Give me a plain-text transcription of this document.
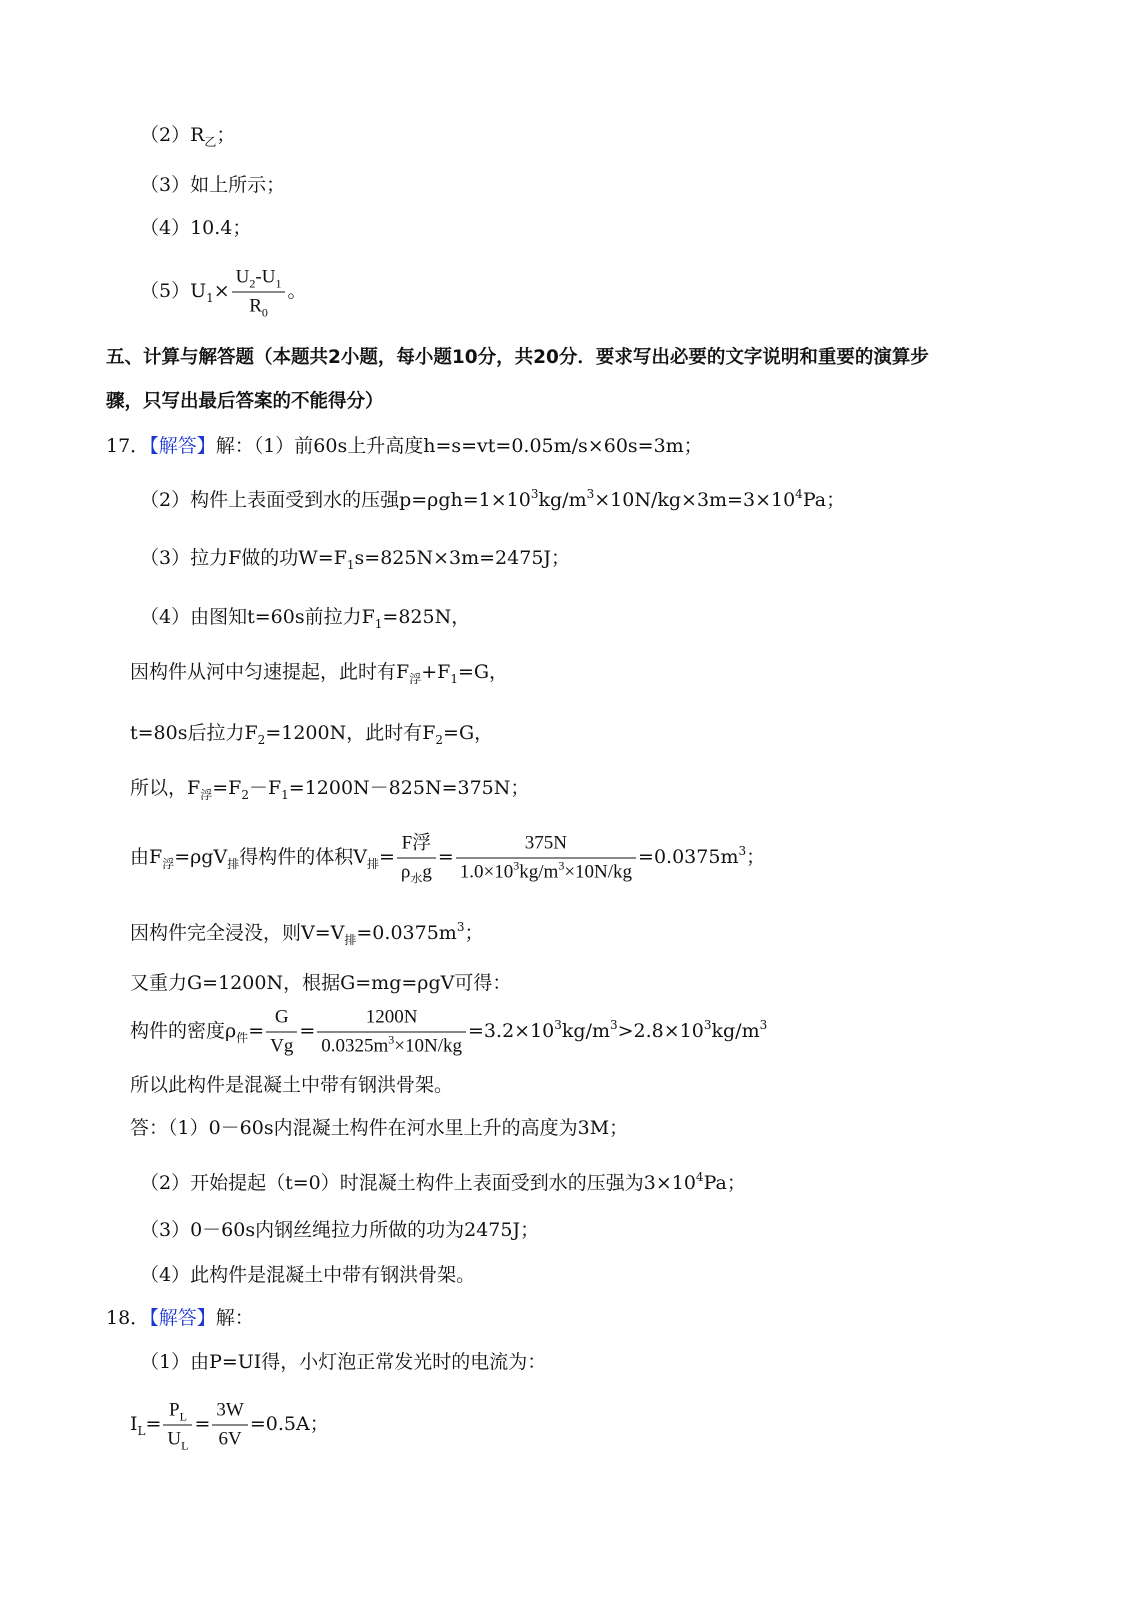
$(2)R_乙$；
（3）如上所示；
（4）10.4；
$(5)U_1\times \frac{U_2-U_1}{R_0}$ 。
五、计算与解答题（本题共2小题，每小题10分，共20分．要求写出必要的文字说明和重要的演算步
骤，只写出最后答案的不能得分）
17．【解答】解：（1）前60s上升高度h=s=vt=0.05m/s×60s=3m；
（2）构件上表面受到水的压强$p=\rho gh=1\times 10^3kg/m^3\times 10N/kg\times 3m=3\times 10^4Pa$；
（3）拉力F做的功$W=F_1s=825N\times 3m=2475J$；
（4）由图知t=60s前拉力$F_1=825N$，
因构件从河中匀速提起，此时有$F_浮+F_1=G$，
t=80s后拉力$F_2=1200N$，此时有$F_2=G$，
所以，$F_浮=F_2-F_1=1200N-825N=375N$；
由$F_浮=\rho gV_排$得构件的体积$V_排= \frac{\text{F浮}}{\rho_水g} = \frac{375N}{1.0\times 10^3kg/m^3\times 10N/kg} =0.0375m^3$；
因构件完全浸没，则$V=V_排=0.0375m^3$；
又重力G=1200N，根据G=mg=ρgV可得：
构件的密度$\rho_件= \frac{G}{Vg} = \frac{1200N}{0.0325m^3\times 10N/kg} =3.2\times 10^3kg/m^3>2.8\times 10^3kg/m^3$
所以此构件是混凝土中带有钢洪骨架。
答：（1）0－60s内混凝土构件在河水里上升的高度为3M；
（2）开始提起（t=0）时混凝土构件上表面受到水的压强为$3\times 10^4Pa$；
（3）0－60s内钢丝绳拉力所做的功为2475J；
（4）此构件是混凝土中带有钢洪骨架。
18．【解答】解：
（1）由P=UI得，小灯泡正常发光时的电流为：
$I_L= \frac{P_L}{U_L} = \frac{3W}{6V} =0.5A$；
